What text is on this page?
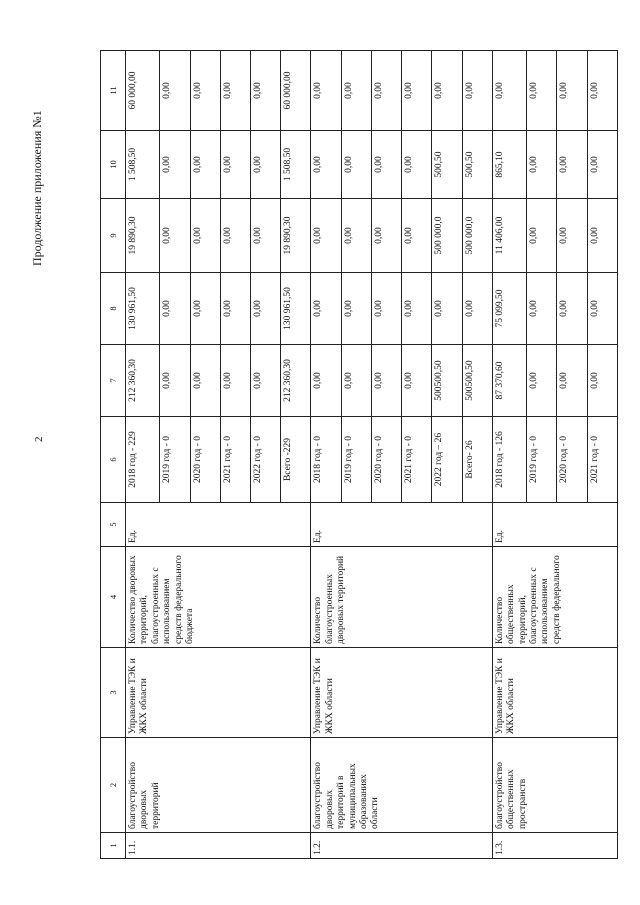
2
Продолжение приложения №1
1	2	3	4	5	6	7	8	9	10	11
1.1.	благоустройство дворовых территорий	Управление ТЭК и ЖКХ области	Количество дворовых территорий, благоустроенных с использованием средств федерального бюджета	Ед.	2018 год - 229	212 360,30	130 961,50	19 890,30	1 508,50	60 000,00
					2019 год - 0	0,00	0,00	0,00	0,00	0,00
					2020 год - 0	0,00	0,00	0,00	0,00	0,00
					2021 год - 0	0,00	0,00	0,00	0,00	0,00
					2022 год - 0	0,00	0,00	0,00	0,00	0,00
					Всего -229	212 360,30	130 961,50	19 890,30	1 508,50	60 000,00
1.2.	благоустройство дворовых территорий в муниципальных образованиях области	Управление ТЭК и ЖКХ области	Количество благоустроенных дворовых территорий	Ед.	2018 год - 0	0,00	0,00	0,00	0,00	0,00
					2019 год - 0	0,00	0,00	0,00	0,00	0,00
					2020 год - 0	0,00	0,00	0,00	0,00	0,00
					2021 год - 0	0,00	0,00	0,00	0,00	0,00
					2022 год – 26	500500,50	0,00	500 000,0	500,50	0,00
					Всего- 26	500500,50	0,00	500 000,0	500,50	0,00
1.3.	благоустройство общественных пространств	Управление ТЭК и ЖКХ области	Количество общественных территорий, благоустроенных с использованием средств федерального	Ед.	2018 год - 126	87 370,60	75 099,50	11 406,00	865,10	0,00
					2019 год - 0	0,00	0,00	0,00	0,00	0,00
					2020 год - 0	0,00	0,00	0,00	0,00	0,00
					2021 год - 0	0,00	0,00	0,00	0,00	0,00
